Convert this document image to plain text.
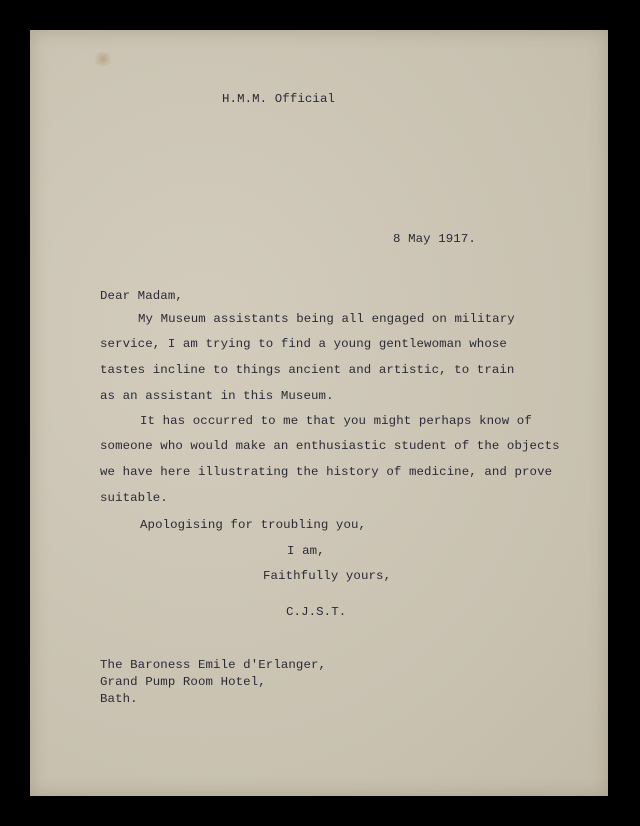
H.M.M. Official
8 May 1917.
Dear Madam,
My Museum assistants being all engaged on military
service, I am trying to find a young gentlewoman whose
tastes incline to things ancient and artistic, to train
as an assistant in this Museum.
It has occurred to me that you might perhaps know of
someone who would make an enthusiastic student of the objects
we have here illustrating the history of medicine, and prove
suitable.
Apologising for troubling you,
I am,
Faithfully yours,
C.J.S.T.
The Baroness Emile d'Erlanger,
Grand Pump Room Hotel,
Bath.
